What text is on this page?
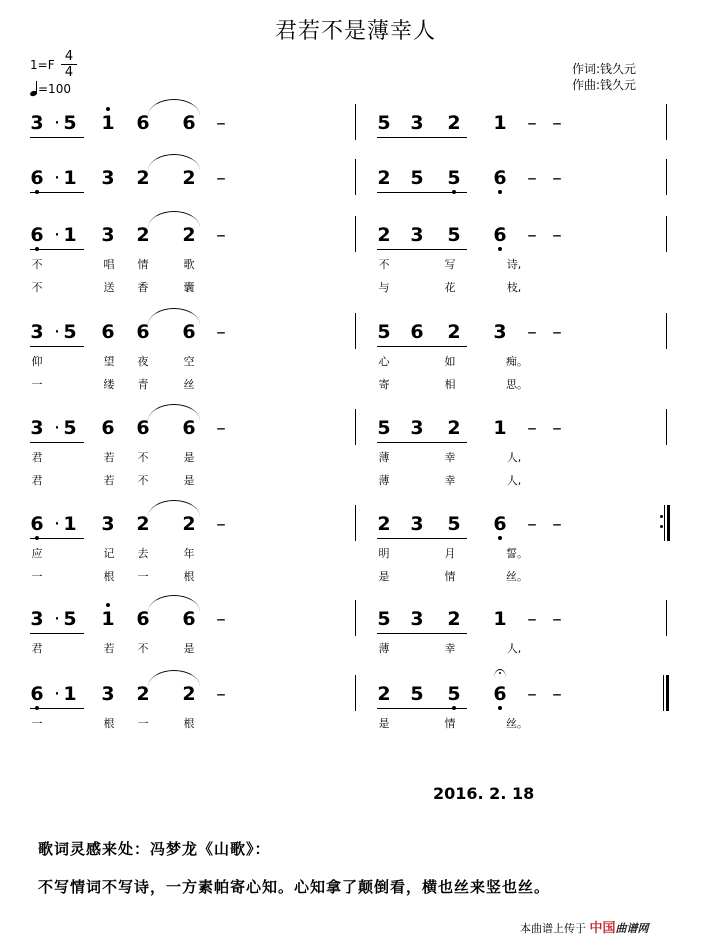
君若不是薄幸人
1=F
4
4
=100
作词:钱久元
作曲:钱久元
3 · 5 1 6 6 –	5 3 2 1 – –
6 · 1 3 2 2 –	2 5 5 6 – –
6 · 1 3 2 2 –	2 3 5 6 – –
不	唱 情	歌	不	写	诗,
不	送 香	囊	与	花	枝,
3 · 5 6 6 6 –	5 6 2 3 – –
仰	望 夜	空	心	如	痴。
一	缕 青	丝	寄	相	思。
3 · 5 6 6 6 –	5 3 2 1 – –
君	若 不	是	薄	幸	人,
君	若 不	是	薄	幸	人,
6 · 1 3 2 2 –	2 3 5 6 – –
应	记 去	年	明	月	誓。
一	根 一	根	是	情	丝。
3 · 5 1 6 6 –	5 3 2 1 – –
君	若 不	是	薄	幸	人,
6 · 1 3 2 2 –	2 5 5 6 – –
一	根 一	根	是	情	丝。
2016. 2. 18
歌词灵感来处：冯梦龙《山歌》：
不写情词不写诗，一方素帕寄心知。心知拿了颠倒看，横也丝来竖也丝。
本曲谱上传于 中国曲谱网
